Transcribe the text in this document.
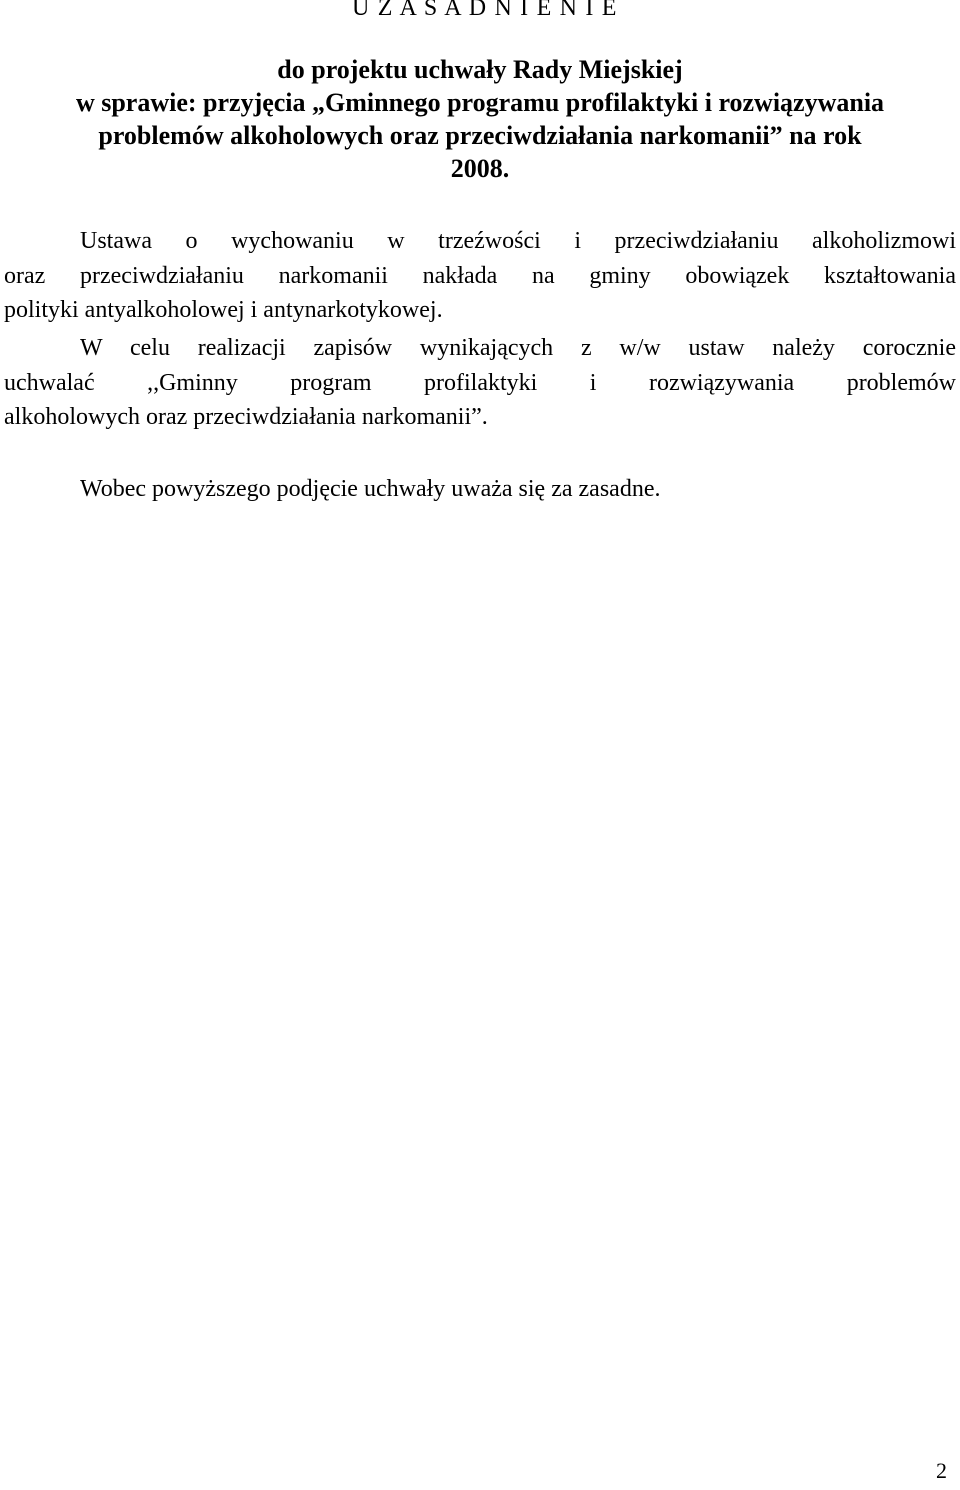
U Z A S A D N I E N I E
do projektu uchwały Rady Miejskiej
w sprawie: przyjęcia „Gminnego programu profilaktyki i rozwiązywania
problemów alkoholowych oraz przeciwdziałania narkomanii” na rok
2008.

Ustawa o wychowaniu w trzeźwości i przeciwdziałaniu alkoholizmowi
oraz przeciwdziałaniu narkomanii nakłada na gminy obowiązek kształtowania
polityki antyalkoholowej i antynarkotykowej.

W celu realizacji zapisów wynikających z w/w ustaw należy corocznie
uchwalać ,,Gminny program profilaktyki i rozwiązywania problemów
alkoholowych oraz przeciwdziałania narkomanii”.

Wobec powyższego podjęcie uchwały uważa się za zasadne.

2
